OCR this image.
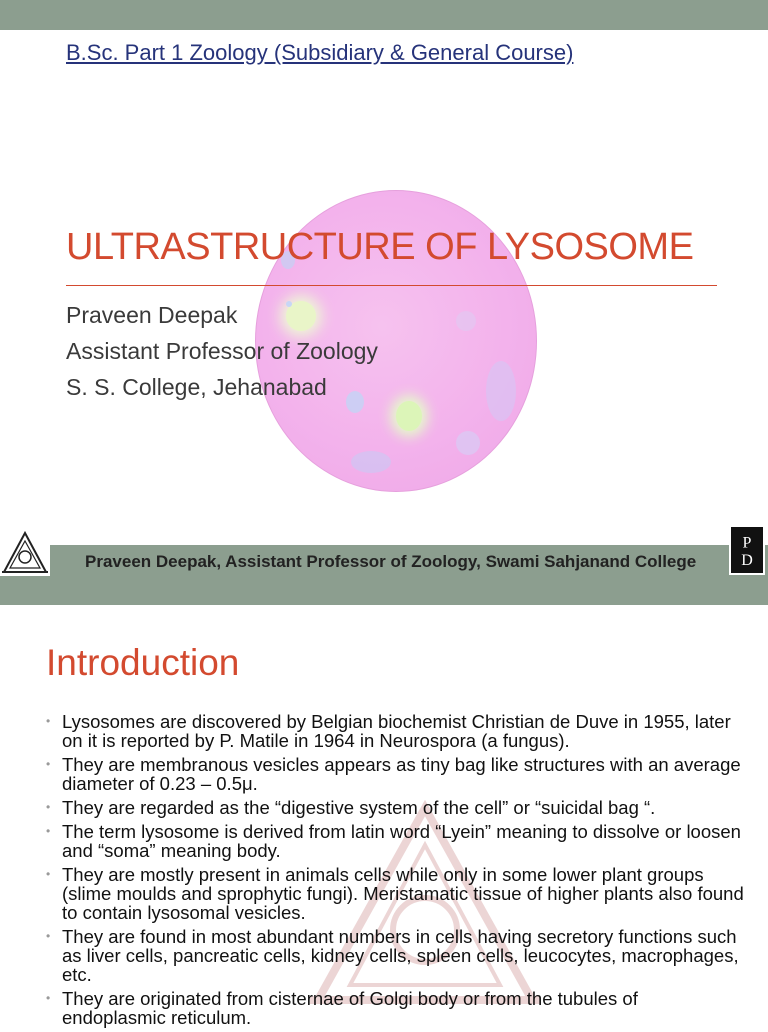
B.Sc. Part 1 Zoology (Subsidiary & General Course)
ULTRASTRUCTURE OF LYSOSOME
Praveen Deepak
Assistant Professor of Zoology
S. S. College, Jehanabad
Praveen Deepak, Assistant Professor of Zoology, Swami Sahjanand College
P
D
Introduction
• Lysosomes are discovered by Belgian biochemist Christian de Duve in 1955, later on it is reported by P. Matile in 1964 in Neurospora (a fungus).
• They are membranous vesicles appears as tiny bag like structures with an average diameter of 0.23 – 0.5μ.
• They are regarded as the “digestive system of the cell” or “suicidal bag “.
• The term lysosome is derived from latin word “Lyein” meaning to dissolve or loosen and “soma” meaning body.
• They are mostly present in animals cells while only in some lower plant groups (slime moulds and sprophytic fungi). Meristamatic tissue of higher plants also found to contain lysosomal vesicles.
• They are found in most abundant numbers in cells having secretory functions such as liver cells, pancreatic cells, kidney cells, spleen cells, leucocytes, macrophages, etc.
• They are originated from cisternae of Golgi body or from the tubules of endoplasmic reticulum.
